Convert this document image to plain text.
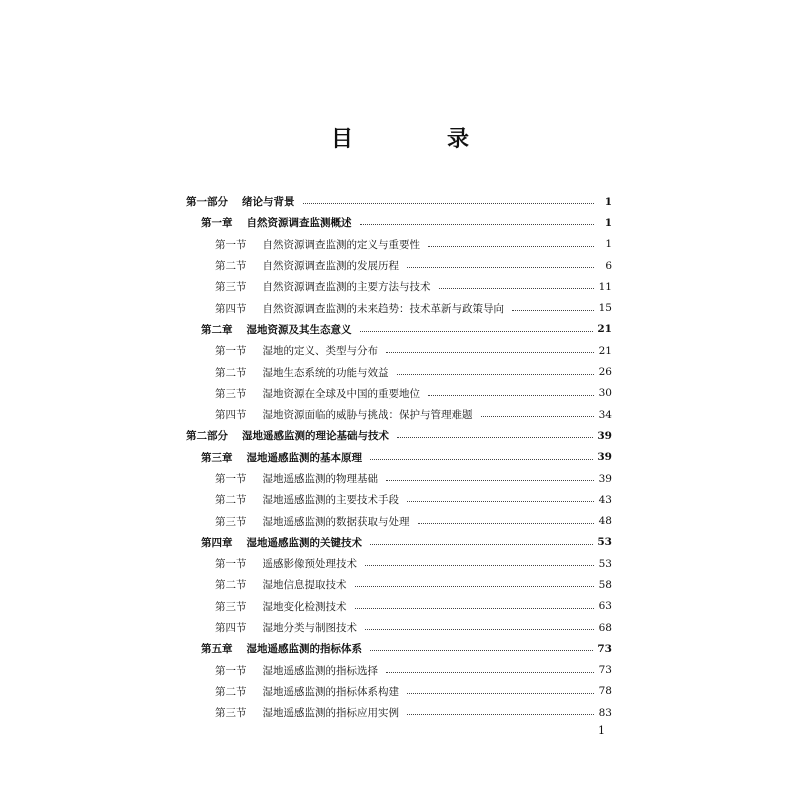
目　录
第一部分 绪论与背景	1
第一章 自然资源调查监测概述	1
第一节 自然资源调查监测的定义与重要性	1
第二节 自然资源调查监测的发展历程	6
第三节 自然资源调查监测的主要方法与技术	11
第四节 自然资源调查监测的未来趋势：技术革新与政策导向	15
第二章 湿地资源及其生态意义	21
第一节 湿地的定义、类型与分布	21
第二节 湿地生态系统的功能与效益	26
第三节 湿地资源在全球及中国的重要地位	30
第四节 湿地资源面临的威胁与挑战：保护与管理难题	34
第二部分 湿地遥感监测的理论基础与技术	39
第三章 湿地遥感监测的基本原理	39
第一节 湿地遥感监测的物理基础	39
第二节 湿地遥感监测的主要技术手段	43
第三节 湿地遥感监测的数据获取与处理	48
第四章 湿地遥感监测的关键技术	53
第一节 遥感影像预处理技术	53
第二节 湿地信息提取技术	58
第三节 湿地变化检测技术	63
第四节 湿地分类与制图技术	68
第五章 湿地遥感监测的指标体系	73
第一节 湿地遥感监测的指标选择	73
第二节 湿地遥感监测的指标体系构建	78
第三节 湿地遥感监测的指标应用实例	83
1
